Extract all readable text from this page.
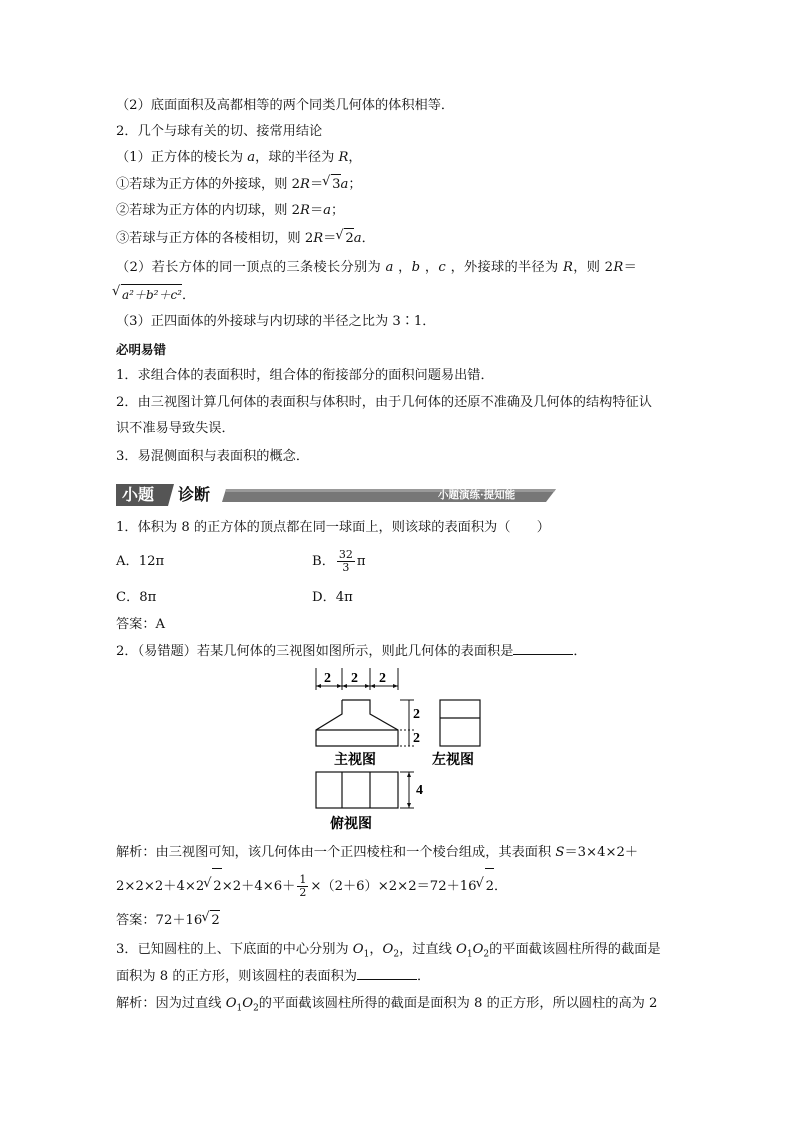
（2）底面面积及高都相等的两个同类几何体的体积相等．
2．几个与球有关的切、接常用结论
（1）正方体的棱长为 a，球的半径为 R，
①若球为正方体的外接球，则 2R＝√ 3a；
②若球为正方体的内切球，则 2R＝a；
③若球与正方体的各棱相切，则 2R＝√ 2a．
（2）若长方体的同一顶点的三条棱长分别为 a ，b ，c ，外接球的半径为 R，则 2R＝
√ a²＋b²＋c²．
（3）正四面体的外接球与内切球的半径之比为 3∶1．
必明易错
1．求组合体的表面积时，组合体的衔接部分的面积问题易出错．
2．由三视图计算几何体的表面积与体积时，由于几何体的还原不准确及几何体的结构特征认
识不准易导致失误．
3．易混侧面积与表面积的概念．
小题 诊断	小题演练·提知能
1．体积为 8 的正方体的顶点都在同一球面上，则该球的表面积为（　　）
A．12π	B． $\frac{32}{3}$ π
C．8π	D．4π
答案：A
2．（易错题）若某几何体的三视图如图所示，则此几何体的表面积是	．
2 2 2
主视图
2
2
左视图
4
俯视图
解析：由三视图可知，该几何体由一个正四棱柱和一个棱台组成，其表面积 S＝3×4×2＋
2×2×2＋4×2√ $2\times 2+4\times 6+ \frac{1}{2} \times(2+6)\times 2\times 2=72+16√$ 2．
答案：72＋16√ 2
3．已知圆柱的上、下底面的中心分别为 $O_1$，$O_2$，过直线 $O_1O_2$的平面截该圆柱所得的截面是
面积为 8 的正方形，则该圆柱的表面积为	．
解析：因为过直线 $O_1O_2$的平面截该圆柱所得的截面是面积为 8 的正方形，所以圆柱的高为 2
